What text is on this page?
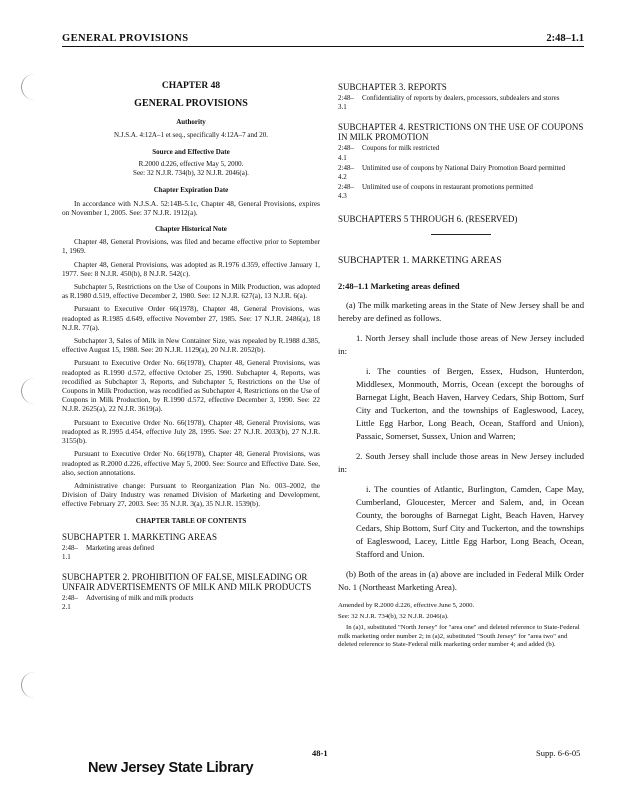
GENERAL PROVISIONS	2:48–1.1
CHAPTER 48
GENERAL PROVISIONS
Authority
N.J.S.A. 4:12A–1 et seq., specifically 4:12A–7 and 20.
Source and Effective Date
R.2000 d.226, effective May 5, 2000.
See: 32 N.J.R. 734(b), 32 N.J.R. 2046(a).
Chapter Expiration Date
In accordance with N.J.S.A. 52:14B-5.1c, Chapter 48, General Provisions, expires on November 1, 2005. See: 37 N.J.R. 1912(a).
Chapter Historical Note
Chapter 48, General Provisions, was filed and became effective prior to September 1, 1969.
Chapter 48, General Provisions, was adopted as R.1976 d.359, effective January 1, 1977. See: 8 N.J.R. 450(b), 8 N.J.R. 542(c).
Subchapter 5, Restrictions on the Use of Coupons in Milk Production, was adopted as R.1980 d.519, effective December 2, 1980. See: 12 N.J.R. 627(a), 13 N.J.R. 6(a).
Pursuant to Executive Order 66(1978), Chapter 48, General Provisions, was readopted as R.1985 d.649, effective November 27, 1985. See: 17 N.J.R. 2486(a), 18 N.J.R. 77(a).
Subchapter 3, Sales of Milk in New Container Size, was repealed by R.1988 d.385, effective August 15, 1988. See: 20 N.J.R. 1129(a), 20 N.J.R. 2052(b).
Pursuant to Executive Order No. 66(1978), Chapter 48, General Provisions, was readopted as R.1990 d.572, effective October 25, 1990. Subchapter 4, Reports, was recodified as Subchapter 3, Reports, and Subchapter 5, Restrictions on the Use of Coupons in Milk Production, was recodified as Subchapter 4, Restrictions on the Use of Coupons in Milk Production, by R.1990 d.572, effective December 3, 1990. See: 22 N.J.R. 2625(a), 22 N.J.R. 3619(a).
Pursuant to Executive Order No. 66(1978), Chapter 48, General Provisions, was readopted as R.1995 d.454, effective July 28, 1995. See: 27 N.J.R. 2033(b), 27 N.J.R. 3155(b).
Pursuant to Executive Order No. 66(1978), Chapter 48, General Provisions, was readopted as R.2000 d.226, effective May 5, 2000. See: Source and Effective Date. See, also, section annotations.
Administrative change: Pursuant to Reorganization Plan No. 003–2002, the Division of Dairy Industry was renamed Division of Marketing and Development, effective February 27, 2003. See: 35 N.J.R. 3(a), 35 N.J.R. 1539(b).
CHAPTER TABLE OF CONTENTS
SUBCHAPTER 1. MARKETING AREAS
2:48–1.1
Marketing areas defined
SUBCHAPTER 2. PROHIBITION OF FALSE, MISLEADING OR UNFAIR ADVERTISEMENTS OF MILK AND MILK PRODUCTS
2:48–2.1
Advertising of milk and milk products
SUBCHAPTER 3. REPORTS
2:48–3.1
Confidentiality of reports by dealers, processors, subdealers and stores
SUBCHAPTER 4. RESTRICTIONS ON THE USE OF COUPONS IN MILK PROMOTION
2:48–4.1
Coupons for milk restricted
2:48–4.2
Unlimited use of coupons by National Dairy Promotion Board permitted
2:48–4.3
Unlimited use of coupons in restaurant promotions permitted
SUBCHAPTERS 5 THROUGH 6. (RESERVED)
SUBCHAPTER 1. MARKETING AREAS
2:48–1.1 Marketing areas defined
(a) The milk marketing areas in the State of New Jersey shall be and hereby are defined as follows.
1. North Jersey shall include those areas of New Jersey included in:
i. The counties of Bergen, Essex, Hudson, Hunterdon, Middlesex, Monmouth, Morris, Ocean (except the boroughs of Barnegat Light, Beach Haven, Harvey Cedars, Ship Bottom, Surf City and Tuckerton, and the townships of Eagleswood, Lacey, Little Egg Harbor, Long Beach, Ocean, Stafford and Union), Passaic, Somerset, Sussex, Union and Warren;
2. South Jersey shall include those areas in New Jersey included in:
i. The counties of Atlantic, Burlington, Camden, Cape May, Cumberland, Gloucester, Mercer and Salem, and, in Ocean County, the boroughs of Barnegat Light, Beach Haven, Harvey Cedars, Ship Bottom, Surf City and Tuckerton, and the townships of Eagleswood, Lacey, Little Egg Harbor, Long Beach, Ocean, Stafford and Union.
(b) Both of the areas in (a) above are included in Federal Milk Order No. 1 (Northeast Marketing Area).
Amended by R.2000 d.226, effective June 5, 2000.
See: 32 N.J.R. 734(b), 32 N.J.R. 2046(a).
In (a)1, substituted "North Jersey" for "area one" and deleted reference to State-Federal milk marketing order number 2; in (a)2, substituted "South Jersey" for "area two" and deleted reference to State-Federal milk marketing order number 4; and added (b).
48-1	Supp. 6-6-05
New Jersey State Library
